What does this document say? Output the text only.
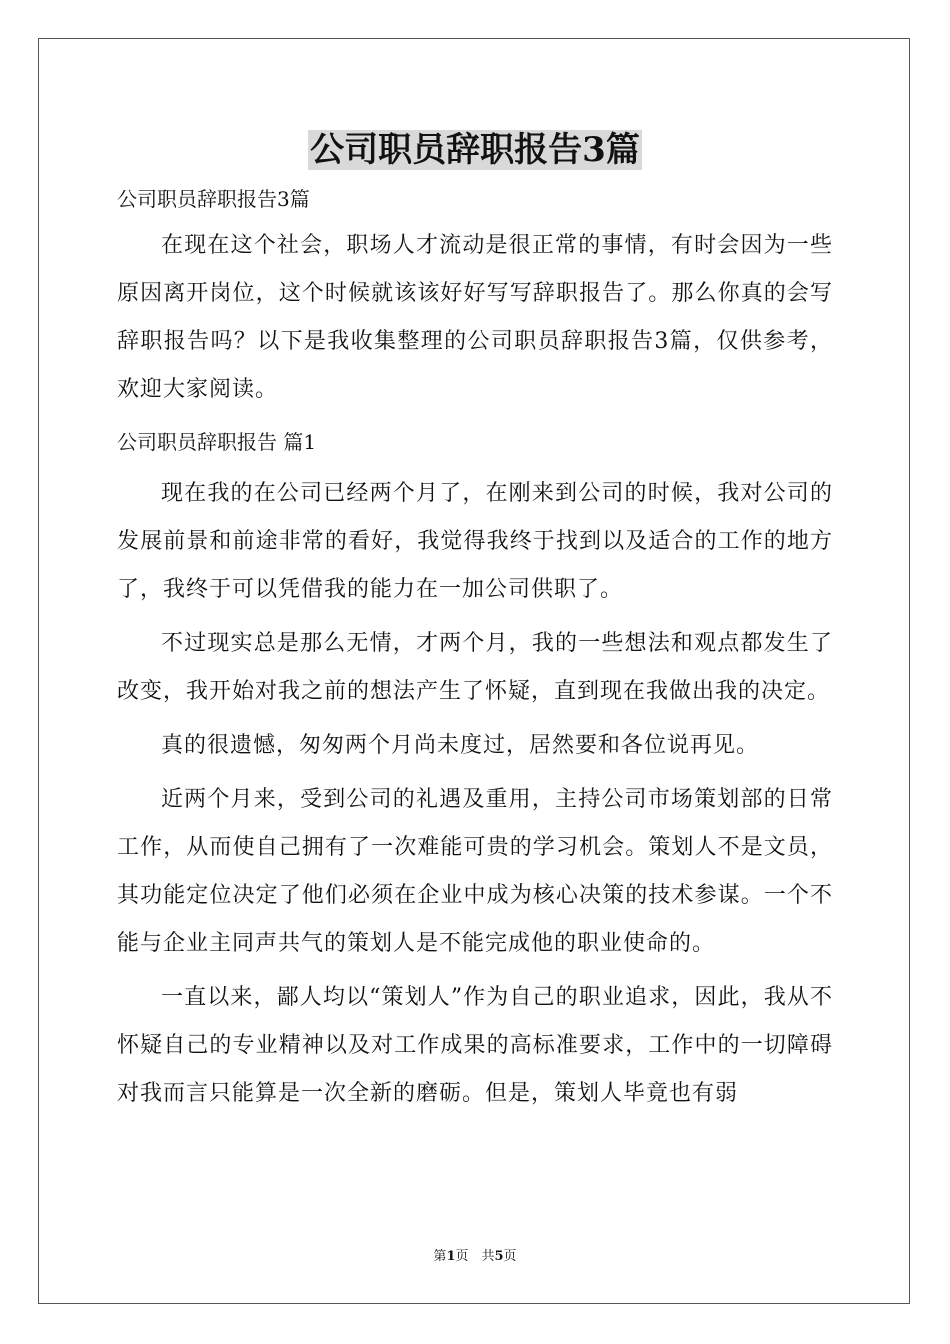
公司职员辞职报告3篇

公司职员辞职报告3篇

在现在这个社会，职场人才流动是很正常的事情，有时会因为一些原因离开岗位，这个时候就该该好好写写辞职报告了。那么你真的会写辞职报告吗？以下是我收集整理的公司职员辞职报告3篇，仅供参考，欢迎大家阅读。

公司职员辞职报告 篇1

现在我的在公司已经两个月了，在刚来到公司的时候，我对公司的发展前景和前途非常的看好，我觉得我终于找到以及适合的工作的地方了，我终于可以凭借我的能力在一加公司供职了。

不过现实总是那么无情，才两个月，我的一些想法和观点都发生了改变，我开始对我之前的想法产生了怀疑，直到现在我做出我的决定。

真的很遗憾，匆匆两个月尚未度过，居然要和各位说再见。

近两个月来，受到公司的礼遇及重用，主持公司市场策划部的日常工作，从而使自己拥有了一次难能可贵的学习机会。策划人不是文员，其功能定位决定了他们必须在企业中成为核心决策的技术参谋。一个不能与企业主同声共气的策划人是不能完成他的职业使命的。

一直以来，鄙人均以“策划人”作为自己的职业追求，因此，我从不怀疑自己的专业精神以及对工作成果的高标准要求，工作中的一切障碍对我而言只能算是一次全新的磨砺。但是，策划人毕竟也有弱

第1页　共5页
